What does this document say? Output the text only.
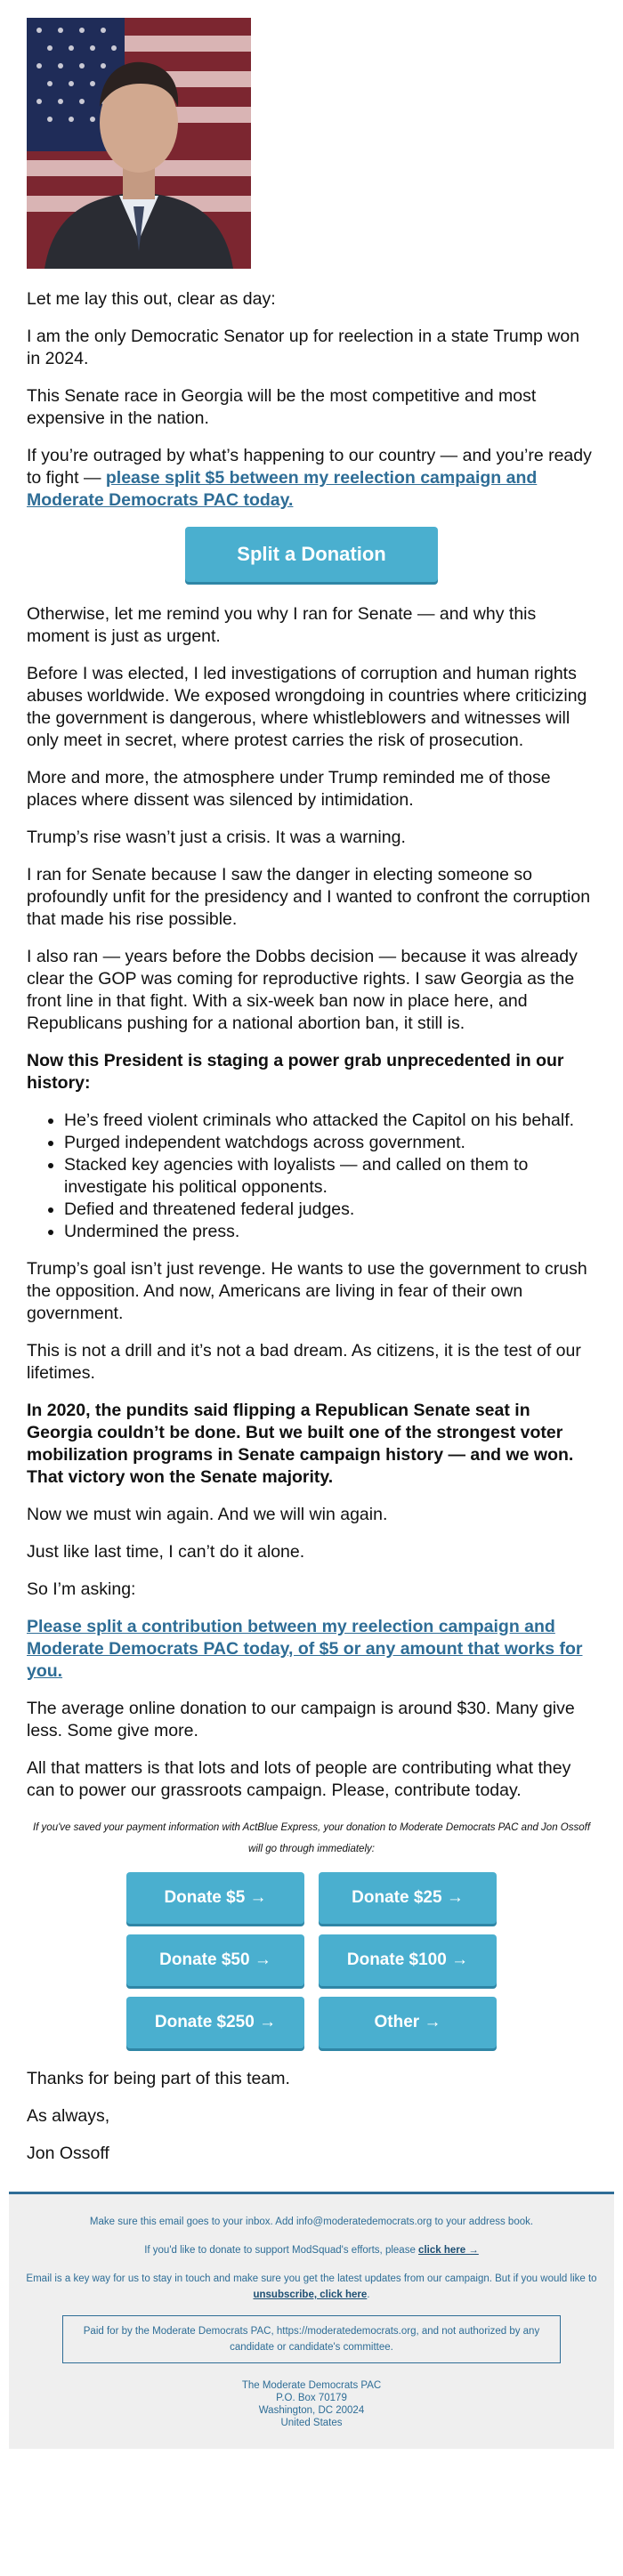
Let me lay this out, clear as day:

I am the only Democratic Senator up for reelection in a state Trump won in 2024.

This Senate race in Georgia will be the most competitive and most expensive in the nation.

If you’re outraged by what’s happening to our country — and you’re ready to fight — please split $5 between my reelection campaign and Moderate Democrats PAC today.

Split a Donation

Otherwise, let me remind you why I ran for Senate — and why this moment is just as urgent.

Before I was elected, I led investigations of corruption and human rights abuses worldwide. We exposed wrongdoing in countries where criticizing the government is dangerous, where whistleblowers and witnesses will only meet in secret, where protest carries the risk of prosecution.

More and more, the atmosphere under Trump reminded me of those places where dissent was silenced by intimidation.

Trump’s rise wasn’t just a crisis. It was a warning.

I ran for Senate because I saw the danger in electing someone so profoundly unfit for the presidency and I wanted to confront the corruption that made his rise possible.

I also ran — years before the Dobbs decision — because it was already clear the GOP was coming for reproductive rights. I saw Georgia as the front line in that fight. With a six-week ban now in place here, and Republicans pushing for a national abortion ban, it still is.

Now this President is staging a power grab unprecedented in our history:

• He’s freed violent criminals who attacked the Capitol on his behalf.
• Purged independent watchdogs across government.
• Stacked key agencies with loyalists — and called on them to investigate his political opponents.
• Defied and threatened federal judges.
• Undermined the press.

Trump’s goal isn’t just revenge. He wants to use the government to crush the opposition. And now, Americans are living in fear of their own government.

This is not a drill and it’s not a bad dream. As citizens, it is the test of our lifetimes.

In 2020, the pundits said flipping a Republican Senate seat in Georgia couldn’t be done. But we built one of the strongest voter mobilization programs in Senate campaign history — and we won. That victory won the Senate majority.

Now we must win again. And we will win again.

Just like last time, I can’t do it alone.

So I’m asking:

Please split a contribution between my reelection campaign and Moderate Democrats PAC today, of $5 or any amount that works for you.

The average online donation to our campaign is around $30. Many give less. Some give more.

All that matters is that lots and lots of people are contributing what they can to power our grassroots campaign. Please, contribute today.

If you've saved your payment information with ActBlue Express, your donation to Moderate Democrats PAC and Jon Ossoff will go through immediately:

Donate $5 →	Donate $25 →
Donate $50 →	Donate $100 →
Donate $250 →	Other →

Thanks for being part of this team.

As always,

Jon Ossoff

Make sure this email goes to your inbox. Add info@moderatedemocrats.org to your address book.

If you'd like to donate to support ModSquad's efforts, please click here →

Email is a key way for us to stay in touch and make sure you get the latest updates from our campaign. But if you would like to unsubscribe, click here.

Paid for by the Moderate Democrats PAC, https://moderatedemocrats.org, and not authorized by any candidate or candidate's committee.
The Moderate Democrats PAC
P.O. Box 70179
Washington, DC 20024
United States
